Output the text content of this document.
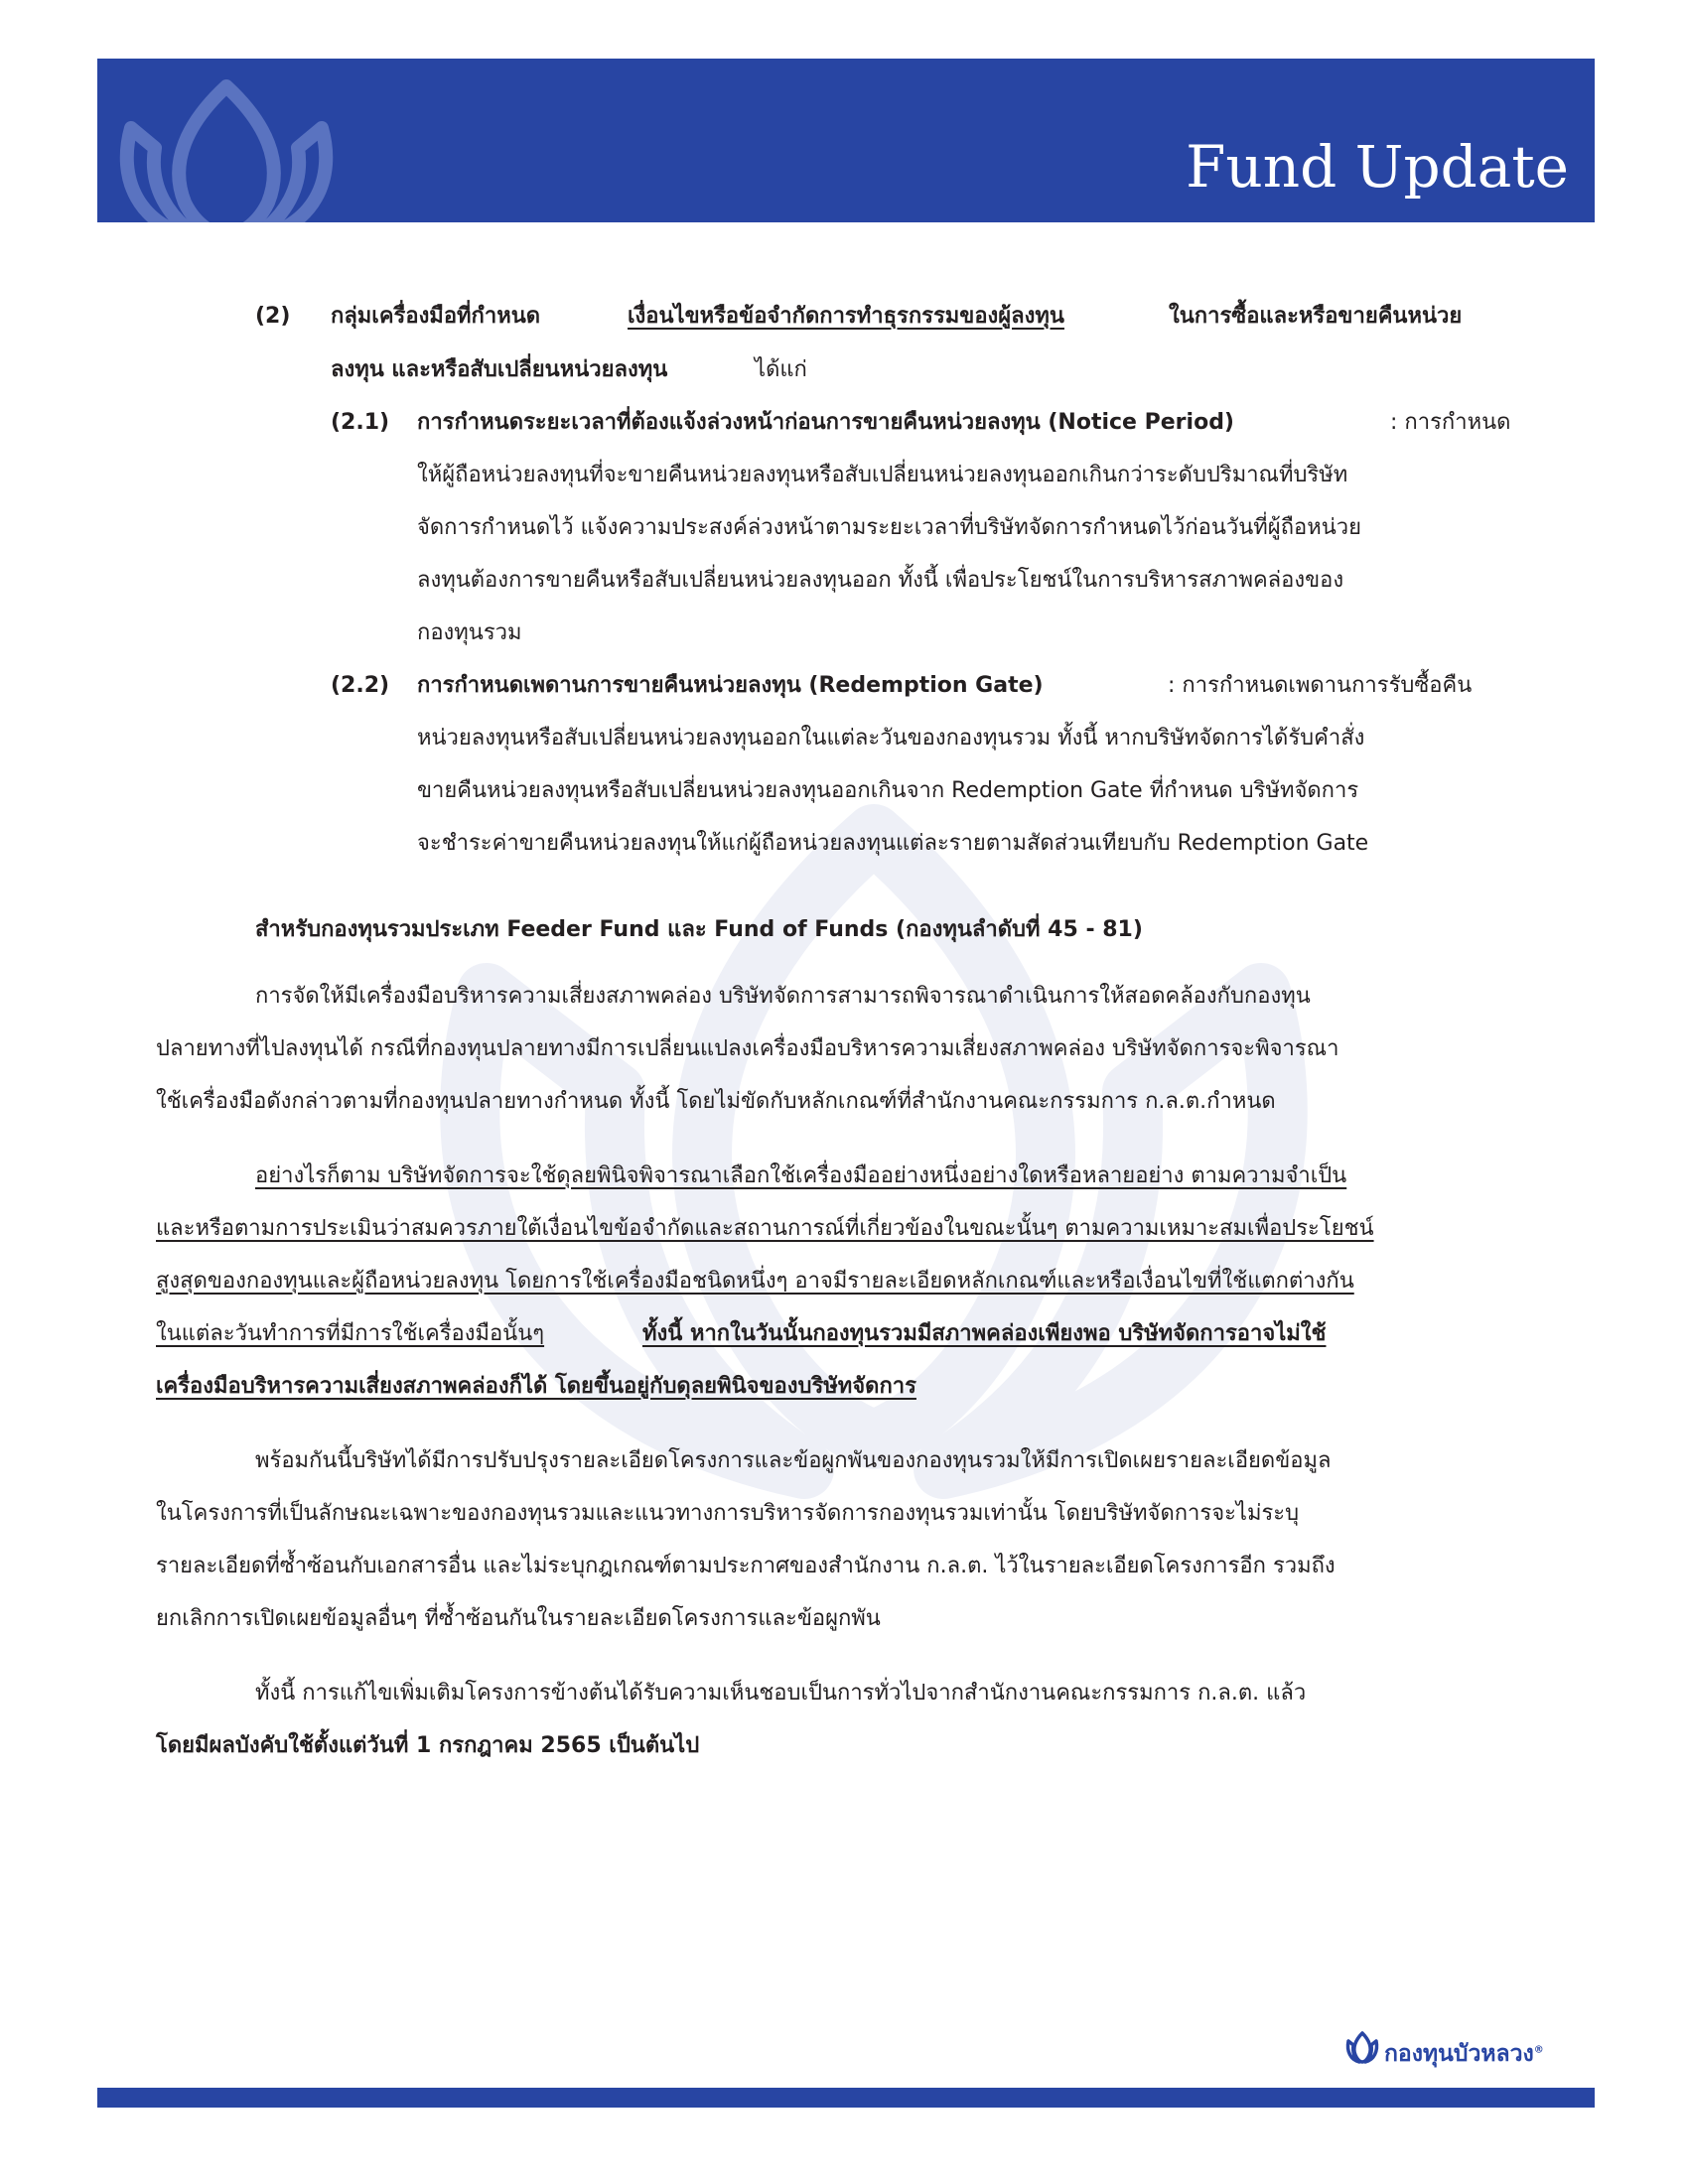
Fund Update
(2) กลุ่มเครื่องมือที่กำหนด	เงื่อนไขหรือข้อจำกัดการทำธุรกรรมของผู้ลงทุน	ในการซื้อและหรือขายคืนหน่วย
ลงทุน และหรือสับเปลี่ยนหน่วยลงทุน	ได้แก่
(2.1) การกำหนดระยะเวลาที่ต้องแจ้งล่วงหน้าก่อนการขายคืนหน่วยลงทุน (Notice Period)	: การกำหนด
ให้ผู้ถือหน่วยลงทุนที่จะขายคืนหน่วยลงทุนหรือสับเปลี่ยนหน่วยลงทุนออกเกินกว่าระดับปริมาณที่บริษัท
จัดการกำหนดไว้ แจ้งความประสงค์ล่วงหน้าตามระยะเวลาที่บริษัทจัดการกำหนดไว้ก่อนวันที่ผู้ถือหน่วย
ลงทุนต้องการขายคืนหรือสับเปลี่ยนหน่วยลงทุนออก ทั้งนี้ เพื่อประโยชน์ในการบริหารสภาพคล่องของ
กองทุนรวม
(2.2) การกำหนดเพดานการขายคืนหน่วยลงทุน (Redemption Gate)	: การกำหนดเพดานการรับซื้อคืน
หน่วยลงทุนหรือสับเปลี่ยนหน่วยลงทุนออกในแต่ละวันของกองทุนรวม ทั้งนี้ หากบริษัทจัดการได้รับคำสั่ง
ขายคืนหน่วยลงทุนหรือสับเปลี่ยนหน่วยลงทุนออกเกินจาก Redemption Gate ที่กำหนด บริษัทจัดการ
จะชำระค่าขายคืนหน่วยลงทุนให้แก่ผู้ถือหน่วยลงทุนแต่ละรายตามสัดส่วนเทียบกับ Redemption Gate
สำหรับกองทุนรวมประเภท Feeder Fund และ Fund of Funds (กองทุนลำดับที่ 45 - 81)
การจัดให้มีเครื่องมือบริหารความเสี่ยงสภาพคล่อง บริษัทจัดการสามารถพิจารณาดำเนินการให้สอดคล้องกับกองทุน
ปลายทางที่ไปลงทุนได้ กรณีที่กองทุนปลายทางมีการเปลี่ยนแปลงเครื่องมือบริหารความเสี่ยงสภาพคล่อง บริษัทจัดการจะพิจารณา
ใช้เครื่องมือดังกล่าวตามที่กองทุนปลายทางกำหนด ทั้งนี้ โดยไม่ขัดกับหลักเกณฑ์ที่สำนักงานคณะกรรมการ ก.ล.ต.กำหนด
อย่างไรก็ตาม บริษัทจัดการจะใช้ดุลยพินิจพิจารณาเลือกใช้เครื่องมืออย่างหนึ่งอย่างใดหรือหลายอย่าง ตามความจำเป็น
และหรือตามการประเมินว่าสมควรภายใต้เงื่อนไขข้อจำกัดและสถานการณ์ที่เกี่ยวข้องในขณะนั้นๆ ตามความเหมาะสมเพื่อประโยชน์
สูงสุดของกองทุนและผู้ถือหน่วยลงทุน โดยการใช้เครื่องมือชนิดหนึ่งๆ อาจมีรายละเอียดหลักเกณฑ์และหรือเงื่อนไขที่ใช้แตกต่างกัน
ในแต่ละวันทำการที่มีการใช้เครื่องมือนั้นๆ	ทั้งนี้ หากในวันนั้นกองทุนรวมมีสภาพคล่องเพียงพอ บริษัทจัดการอาจไม่ใช้
เครื่องมือบริหารความเสี่ยงสภาพคล่องก็ได้ โดยขึ้นอยู่กับดุลยพินิจของบริษัทจัดการ
พร้อมกันนี้บริษัทได้มีการปรับปรุงรายละเอียดโครงการและข้อผูกพันของกองทุนรวมให้มีการเปิดเผยรายละเอียดข้อมูล
ในโครงการที่เป็นลักษณะเฉพาะของกองทุนรวมและแนวทางการบริหารจัดการกองทุนรวมเท่านั้น โดยบริษัทจัดการจะไม่ระบุ
รายละเอียดที่ซ้ำซ้อนกับเอกสารอื่น และไม่ระบุกฎเกณฑ์ตามประกาศของสำนักงาน ก.ล.ต. ไว้ในรายละเอียดโครงการอีก รวมถึง
ยกเลิกการเปิดเผยข้อมูลอื่นๆ ที่ซ้ำซ้อนกันในรายละเอียดโครงการและข้อผูกพัน
ทั้งนี้ การแก้ไขเพิ่มเติมโครงการข้างต้นได้รับความเห็นชอบเป็นการทั่วไปจากสำนักงานคณะกรรมการ ก.ล.ต. แล้ว
โดยมีผลบังคับใช้ตั้งแต่วันที่ 1 กรกฎาคม 2565 เป็นต้นไป
กองทุนบัวหลวง®
